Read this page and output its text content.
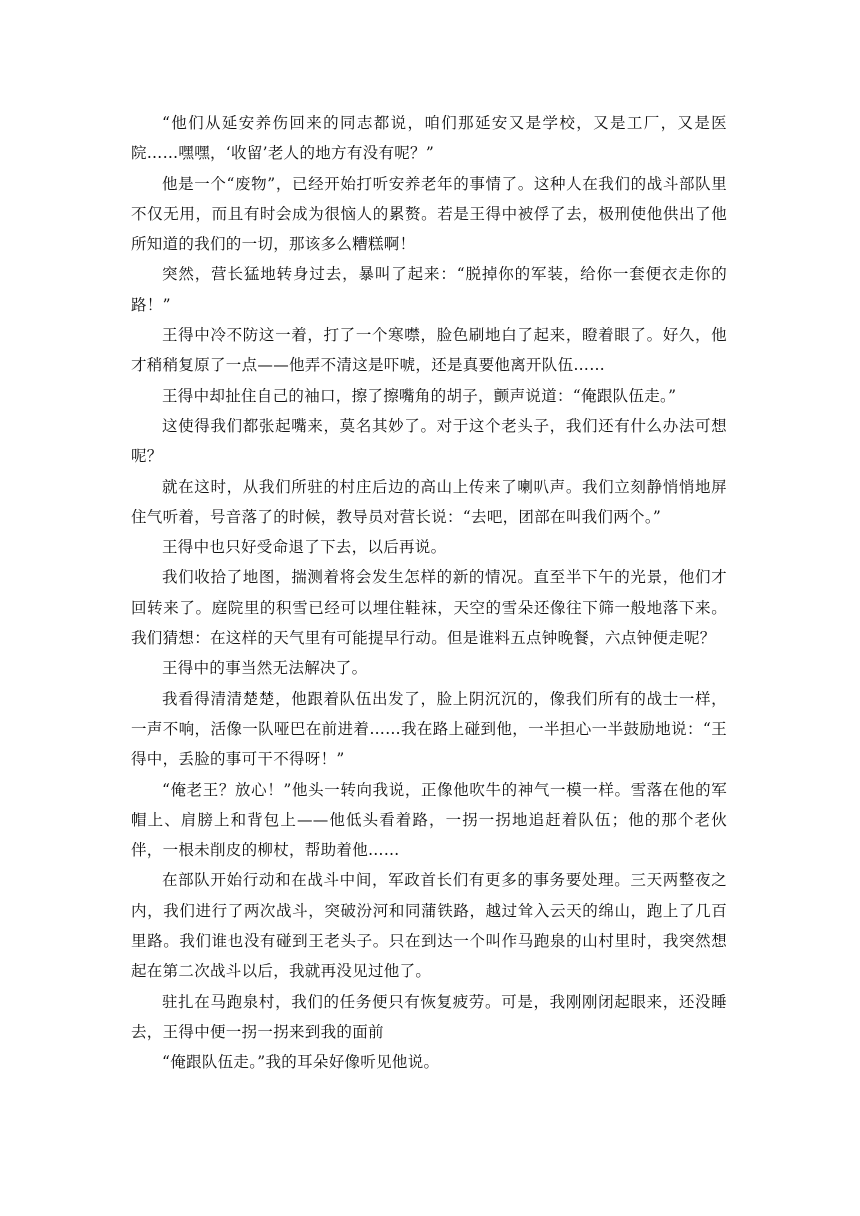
“他们从延安养伤回来的同志都说，咱们那延安又是学校，又是工厂，又是医院……嘿嘿，‘收留’老人的地方有没有呢？”

他是一个“废物”，已经开始打听安养老年的事情了。这种人在我们的战斗部队里不仅无用，而且有时会成为很恼人的累赘。若是王得中被俘了去，极刑使他供出了他所知道的我们的一切，那该多么糟糕啊！

突然，营长猛地转身过去，暴叫了起来：“脱掉你的军装，给你一套便衣走你的路！”

王得中冷不防这一着，打了一个寒噤，脸色刷地白了起来，瞪着眼了。好久，他才稍稍复原了一点——他弄不清这是吓唬，还是真要他离开队伍……

王得中却扯住自己的袖口，擦了擦嘴角的胡子，颤声说道：“俺跟队伍走。”

这使得我们都张起嘴来，莫名其妙了。对于这个老头子，我们还有什么办法可想呢？

就在这时，从我们所驻的村庄后边的高山上传来了喇叭声。我们立刻静悄悄地屏住气听着，号音落了的时候，教导员对营长说：“去吧，团部在叫我们两个。”

王得中也只好受命退了下去，以后再说。

我们收拾了地图，揣测着将会发生怎样的新的情况。直至半下午的光景，他们才回转来了。庭院里的积雪已经可以埋住鞋袜，天空的雪朵还像往下筛一般地落下来。我们猜想：在这样的天气里有可能提早行动。但是谁料五点钟晚餐，六点钟便走呢？

王得中的事当然无法解决了。

我看得清清楚楚，他跟着队伍出发了，脸上阴沉沉的，像我们所有的战士一样，一声不响，活像一队哑巴在前进着……我在路上碰到他，一半担心一半鼓励地说：“王得中，丢脸的事可干不得呀！”

“俺老王？放心！”他头一转向我说，正像他吹牛的神气一模一样。雪落在他的军帽上、肩膀上和背包上——他低头看着路，一拐一拐地追赶着队伍；他的那个老伙伴，一根未削皮的柳杖，帮助着他……

在部队开始行动和在战斗中间，军政首长们有更多的事务要处理。三天两整夜之内，我们进行了两次战斗，突破汾河和同蒲铁路，越过耸入云天的绵山，跑上了几百里路。我们谁也没有碰到王老头子。只在到达一个叫作马跑泉的山村里时，我突然想起在第二次战斗以后，我就再没见过他了。

驻扎在马跑泉村，我们的任务便只有恢复疲劳。可是，我刚刚闭起眼来，还没睡去，王得中便一拐一拐来到我的面前

“俺跟队伍走。”我的耳朵好像听见他说。
